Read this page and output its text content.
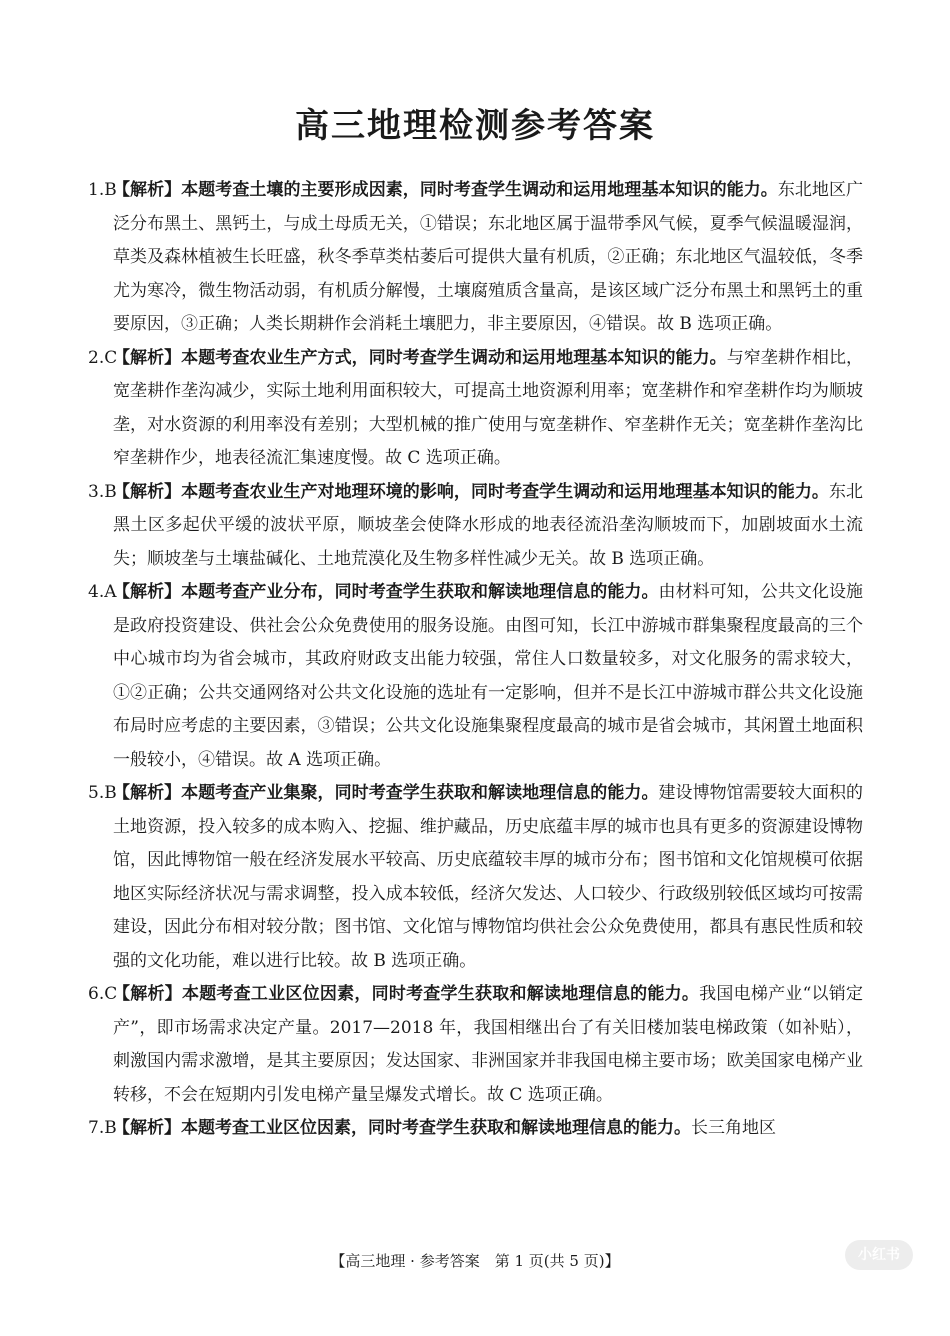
高三地理检测参考答案
1.B
【解析】本题考查土壤的主要形成因素，同时考查学生调动和运用地理基本知识的能力。东北地区广泛分布黑土、黑钙土，与成土母质无关，①错误；东北地区属于温带季风气候，夏季气候温暖湿润，草类及森林植被生长旺盛，秋冬季草类枯萎后可提供大量有机质，②正确；东北地区气温较低，冬季尤为寒冷，微生物活动弱，有机质分解慢，土壤腐殖质含量高，是该区域广泛分布黑土和黑钙土的重要原因，③正确；人类长期耕作会消耗土壤肥力，非主要原因，④错误。故 B 选项正确。
2.C
【解析】本题考查农业生产方式，同时考查学生调动和运用地理基本知识的能力。与窄垄耕作相比，宽垄耕作垄沟减少，实际土地利用面积较大，可提高土地资源利用率；宽垄耕作和窄垄耕作均为顺坡垄，对水资源的利用率没有差别；大型机械的推广使用与宽垄耕作、窄垄耕作无关；宽垄耕作垄沟比窄垄耕作少，地表径流汇集速度慢。故 C 选项正确。
3.B
【解析】本题考查农业生产对地理环境的影响，同时考查学生调动和运用地理基本知识的能力。东北黑土区多起伏平缓的波状平原，顺坡垄会使降水形成的地表径流沿垄沟顺坡而下，加剧坡面水土流失；顺坡垄与土壤盐碱化、土地荒漠化及生物多样性减少无关。故 B 选项正确。
4.A
【解析】本题考查产业分布，同时考查学生获取和解读地理信息的能力。由材料可知，公共文化设施是政府投资建设、供社会公众免费使用的服务设施。由图可知，长江中游城市群集聚程度最高的三个中心城市均为省会城市，其政府财政支出能力较强，常住人口数量较多，对文化服务的需求较大，①②正确；公共交通网络对公共文化设施的选址有一定影响，但并不是长江中游城市群公共文化设施布局时应考虑的主要因素，③错误；公共文化设施集聚程度最高的城市是省会城市，其闲置土地面积一般较小，④错误。故 A 选项正确。
5.B
【解析】本题考查产业集聚，同时考查学生获取和解读地理信息的能力。建设博物馆需要较大面积的土地资源，投入较多的成本购入、挖掘、维护藏品，历史底蕴丰厚的城市也具有更多的资源建设博物馆，因此博物馆一般在经济发展水平较高、历史底蕴较丰厚的城市分布；图书馆和文化馆规模可依据地区实际经济状况与需求调整，投入成本较低，经济欠发达、人口较少、行政级别较低区域均可按需建设，因此分布相对较分散；图书馆、文化馆与博物馆均供社会公众免费使用，都具有惠民性质和较强的文化功能，难以进行比较。故 B 选项正确。
6.C
【解析】本题考查工业区位因素，同时考查学生获取和解读地理信息的能力。我国电梯产业“以销定产”，即市场需求决定产量。2017—2018 年，我国相继出台了有关旧楼加装电梯政策（如补贴），刺激国内需求激增，是其主要原因；发达国家、非洲国家并非我国电梯主要市场；欧美国家电梯产业转移，不会在短期内引发电梯产量呈爆发式增长。故 C 选项正确。
7.B
【解析】本题考查工业区位因素，同时考查学生获取和解读地理信息的能力。长三角地区
【高三地理 · 参考答案　第 1 页(共 5 页)】	小红书
